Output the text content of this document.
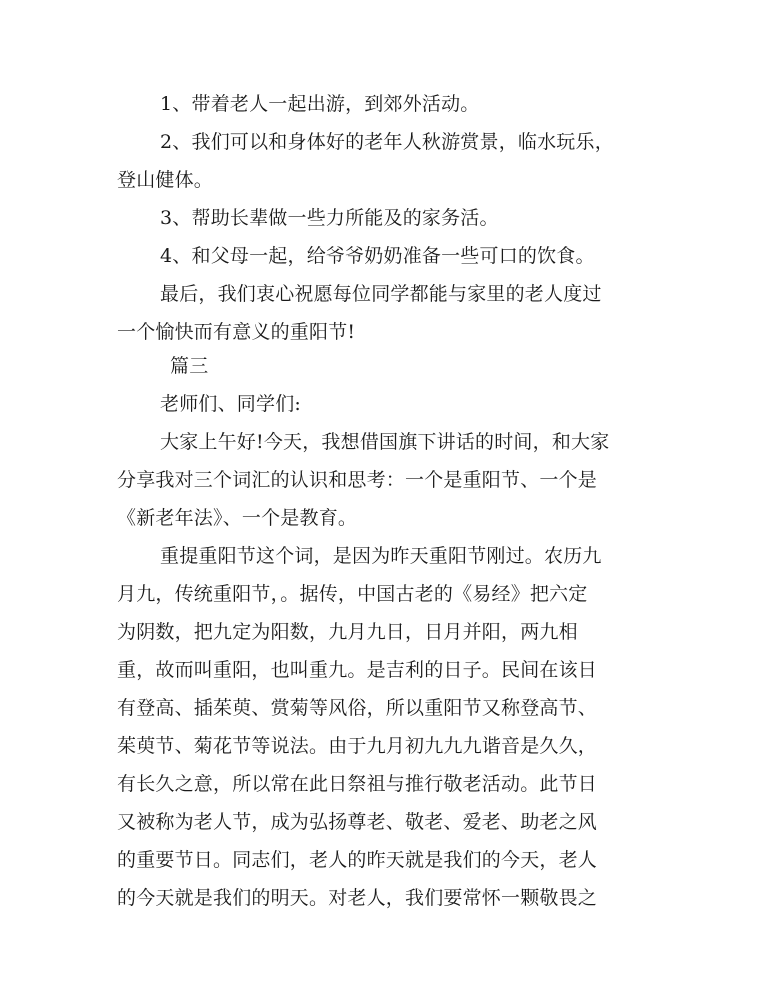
1、带着老人一起出游，到郊外活动。
2、我们可以和身体好的老年人秋游赏景，临水玩乐，
登山健体。
3、帮助长辈做一些力所能及的家务活。
4、和父母一起，给爷爷奶奶准备一些可口的饮食。
最后，我们衷心祝愿每位同学都能与家里的老人度过
一个愉快而有意义的重阳节!
篇三
老师们、同学们:
大家上午好!今天，我想借国旗下讲话的时间，和大家
分享我对三个词汇的认识和思考：一个是重阳节、一个是
《新老年法》、一个是教育。
重提重阳节这个词，是因为昨天重阳节刚过。农历九
月九，传统重阳节，。据传，中国古老的《易经》把六定
为阴数，把九定为阳数，九月九日，日月并阳，两九相
重，故而叫重阳，也叫重九。是吉利的日子。民间在该日
有登高、插茱萸、赏菊等风俗，所以重阳节又称登高节、
茱萸节、菊花节等说法。由于九月初九九九谐音是久久，
有长久之意，所以常在此日祭祖与推行敬老活动。此节日
又被称为老人节，成为弘扬尊老、敬老、爱老、助老之风
的重要节日。同志们，老人的昨天就是我们的今天，老人
的今天就是我们的明天。对老人，我们要常怀一颗敬畏之
